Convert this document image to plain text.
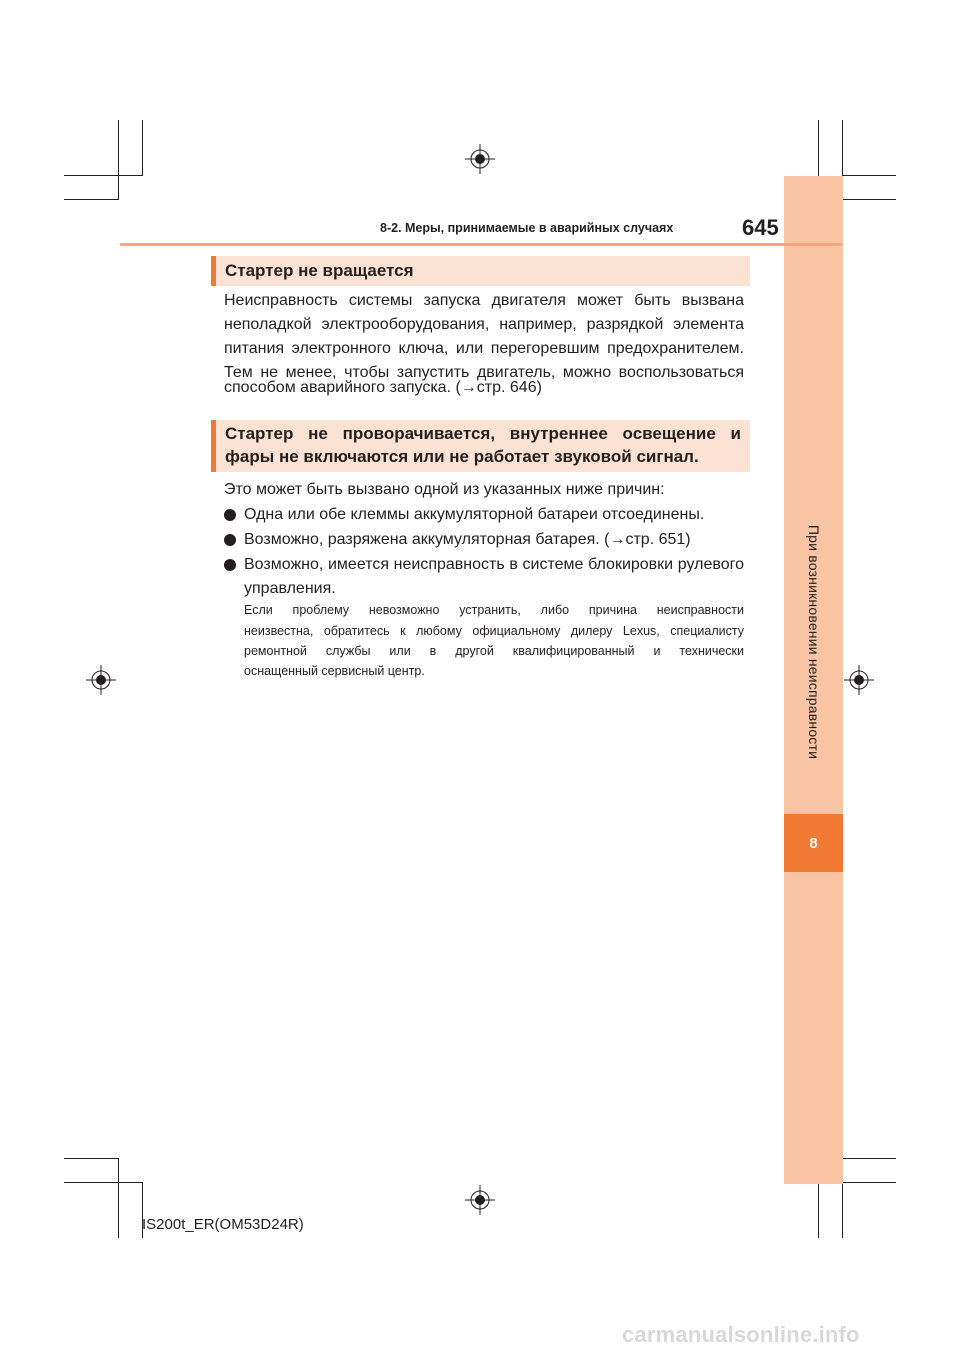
При возникновении неисправности
8
8-2. Меры, принимаемые в аварийных случаях	645
Стартер не вращается
Неисправность системы запуска двигателя может быть вызвана
неполадкой электрооборудования, например, разрядкой элемента
питания электронного ключа, или перегоревшим предохранителем.
Тем не менее, чтобы запустить двигатель, можно воспользоваться
способом аварийного запуска. (→стр. 646)
Стартер не проворачивается, внутреннее освещение и
фары не включаются или не работает звуковой сигнал.
Это может быть вызвано одной из указанных ниже причин:
Одна или обе клеммы аккумуляторной батареи отсоединены.
Возможно, разряжена аккумуляторная батарея. (→стр. 651)
Возможно, имеется неисправность в системе блокировки рулевого
управления.
Если проблему невозможно устранить, либо причина неисправности
неизвестна, обратитесь к любому официальному дилеру Lexus, специалисту
ремонтной службы или в другой квалифицированный и технически
оснащенный сервисный центр.
IS200t_ER(OM53D24R)
carmanualsonline.info
